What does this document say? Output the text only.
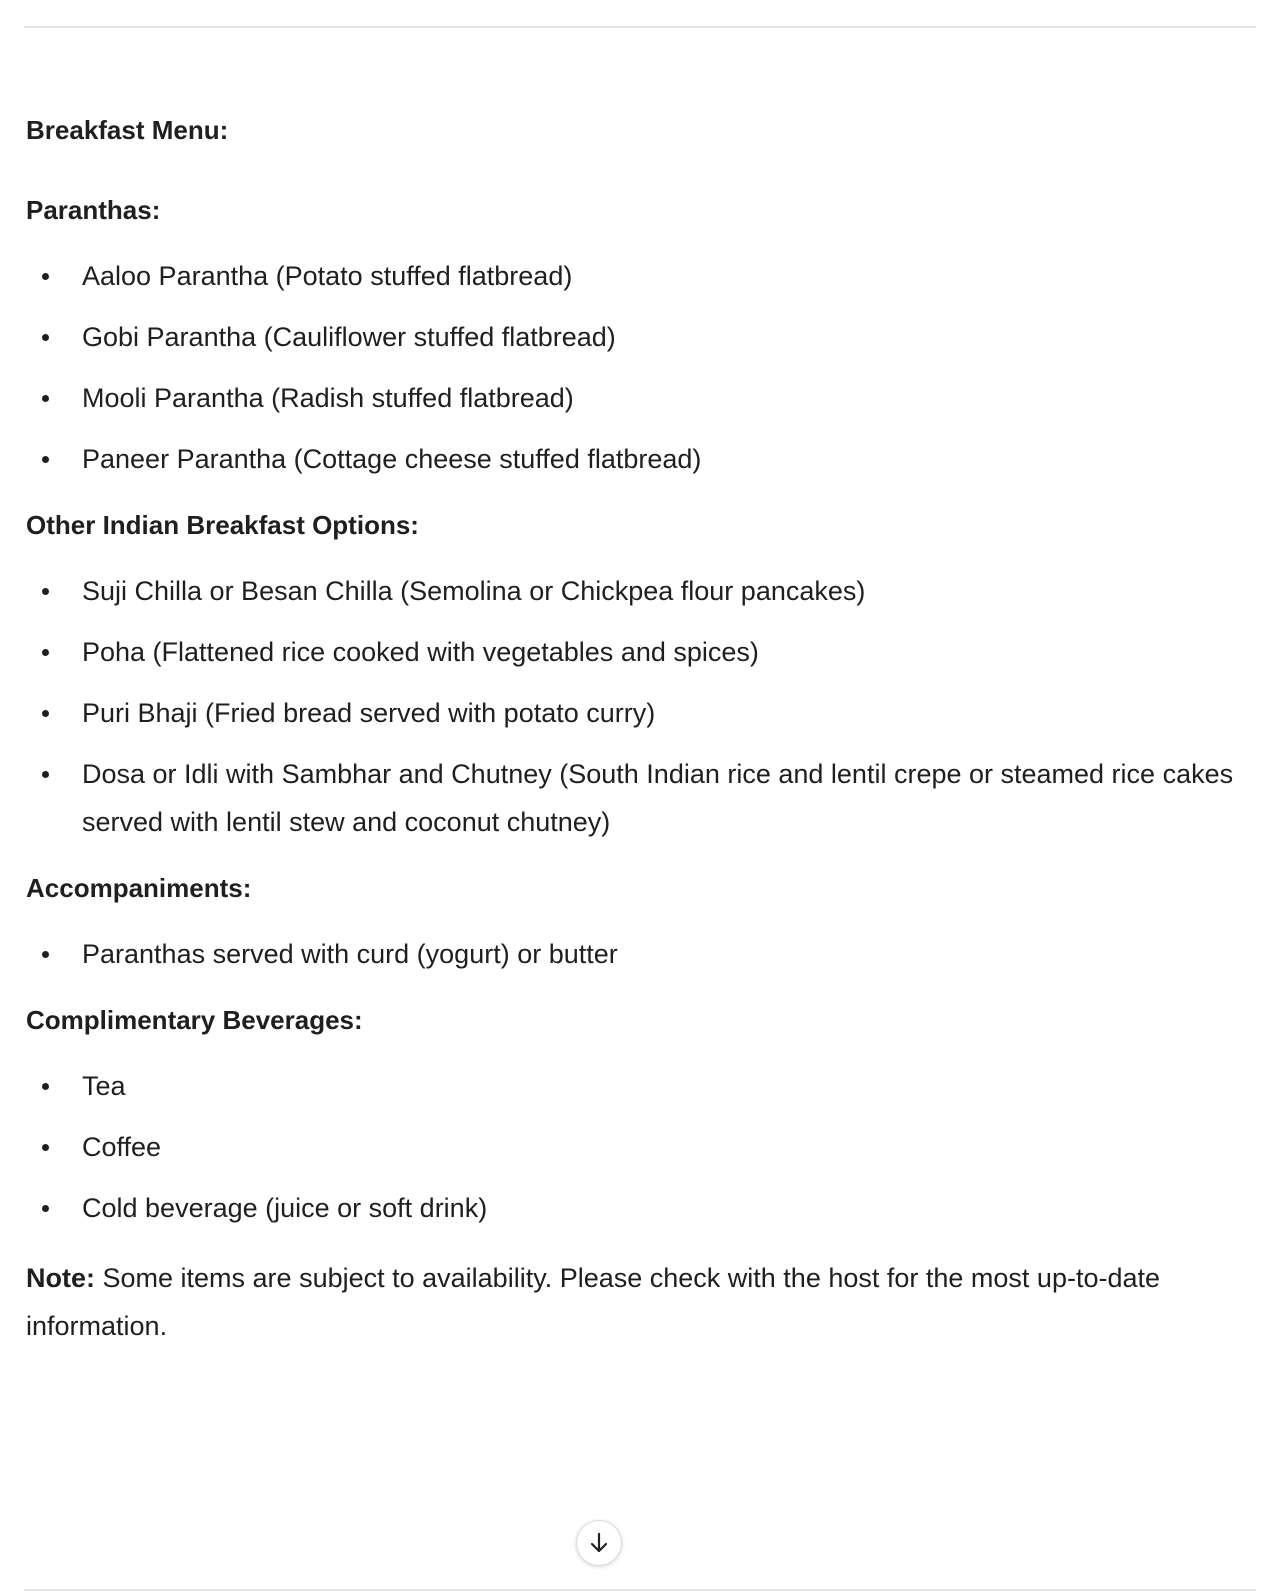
Breakfast Menu:

Paranthas:

Aaloo Parantha (Potato stuffed flatbread)
Gobi Parantha (Cauliflower stuffed flatbread)
Mooli Parantha (Radish stuffed flatbread)
Paneer Parantha (Cottage cheese stuffed flatbread)

Other Indian Breakfast Options:

Suji Chilla or Besan Chilla (Semolina or Chickpea flour pancakes)
Poha (Flattened rice cooked with vegetables and spices)
Puri Bhaji (Fried bread served with potato curry)
Dosa or Idli with Sambhar and Chutney (South Indian rice and lentil crepe or steamed rice cakes served with lentil stew and coconut chutney)

Accompaniments:

Paranthas served with curd (yogurt) or butter

Complimentary Beverages:

Tea
Coffee
Cold beverage (juice or soft drink)

Note: Some items are subject to availability. Please check with the host for the most up-to-date information.
